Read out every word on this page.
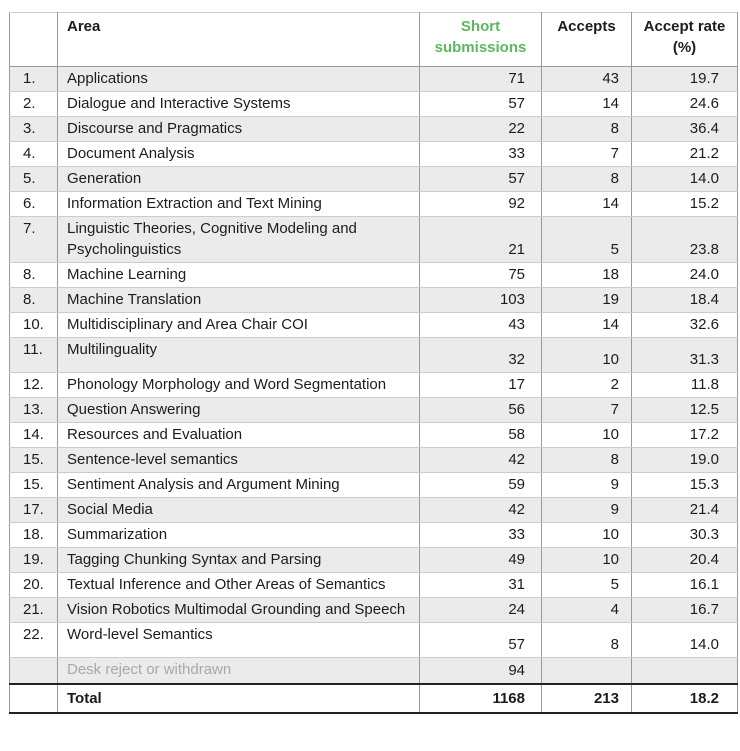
	Area	Short submissions	Accepts	Accept rate (%)
1.	Applications	71	43	19.7
2.	Dialogue and Interactive Systems	57	14	24.6
3.	Discourse and Pragmatics	22	8	36.4
4.	Document Analysis	33	7	21.2
5.	Generation	57	8	14.0
6.	Information Extraction and Text Mining	92	14	15.2
7.	Linguistic Theories, Cognitive Modeling and Psycholinguistics	21	5	23.8
8.	Machine Learning	75	18	24.0
8.	Machine Translation	103	19	18.4
10.	Multidisciplinary and Area Chair COI	43	14	32.6
11.	Multilinguality	32	10	31.3
12.	Phonology Morphology and Word Segmentation	17	2	11.8
13.	Question Answering	56	7	12.5
14.	Resources and Evaluation	58	10	17.2
15.	Sentence-level semantics	42	8	19.0
15.	Sentiment Analysis and Argument Mining	59	9	15.3
17.	Social Media	42	9	21.4
18.	Summarization	33	10	30.3
19.	Tagging Chunking Syntax and Parsing	49	10	20.4
20.	Textual Inference and Other Areas of Semantics	31	5	16.1
21.	Vision Robotics Multimodal Grounding and Speech	24	4	16.7
22.	Word-level Semantics	57	8	14.0
	Desk reject or withdrawn	94		
	Total	1168	213	18.2
